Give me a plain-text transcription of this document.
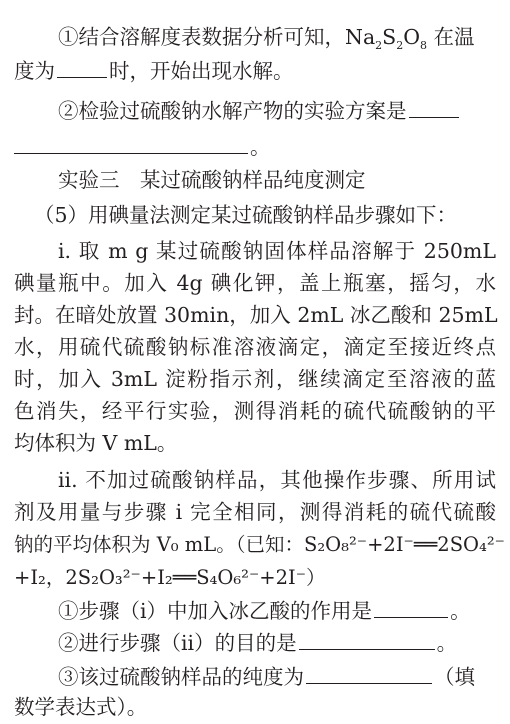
①结合溶解度表数据分析可知，$Na_2S_2O_8$ 在温
度为	时，开始出现水解。
②检验过硫酸钠水解产物的实验方案是
。
实验三　某过硫酸钠样品纯度测定
（5）用碘量法测定某过硫酸钠样品步骤如下：
i. 取 m g 某过硫酸钠固体样品溶解于 250mL
碘量瓶中。加入 4g 碘化钾，盖上瓶塞，摇匀，水
封。在暗处放置 30min，加入 2mL 冰乙酸和 25mL
水，用硫代硫酸钠标准溶液滴定，滴定至接近终点
时，加入 3mL 淀粉指示剂，继续滴定至溶液的蓝
色消失，经平行实验，测得消耗的硫代硫酸钠的平
均体积为 V mL。
ii. 不加过硫酸钠样品，其他操作步骤、所用试
剂及用量与步骤 i 完全相同，测得消耗的硫代硫酸
钠的平均体积为 V₀ mL。（已知：S₂O₈²⁻+2I⁻══2SO₄²⁻
+I₂，2S₂O₃²⁻+I₂══S₄O₆²⁻+2I⁻）
①步骤（i）中加入冰乙酸的作用是	。
②进行步骤（ii）的目的是	。
③该过硫酸钠样品的纯度为	（填
数学表达式）。
